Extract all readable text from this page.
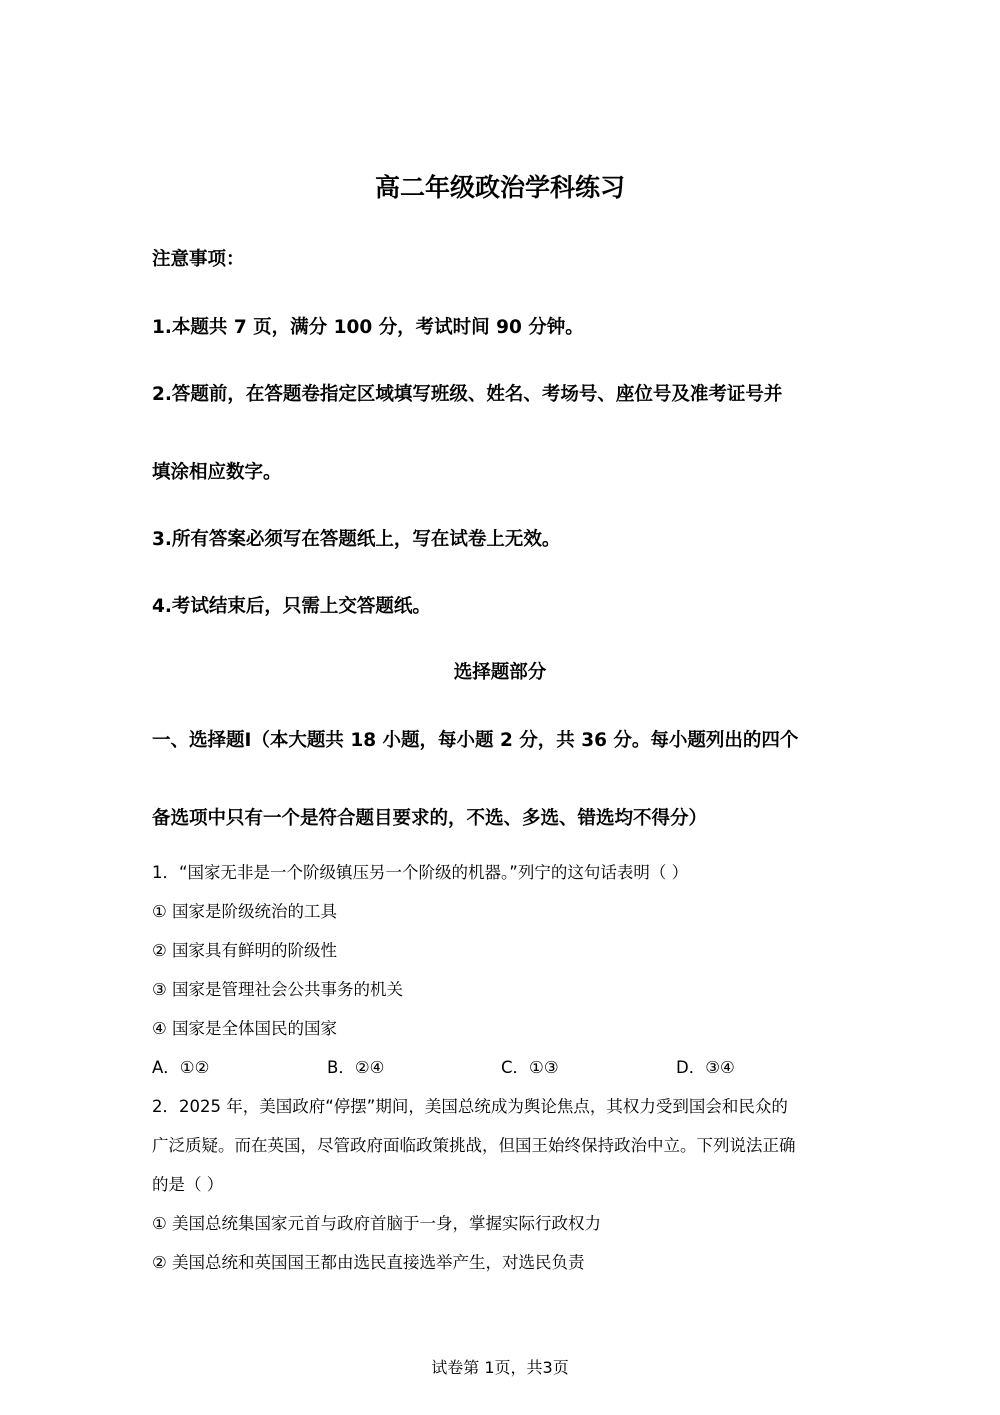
高二年级政治学科练习
注意事项：
1.本题共 7 页，满分 100 分，考试时间 90 分钟。
2.答题前，在答题卷指定区域填写班级、姓名、考场号、座位号及准考证号并
填涂相应数字。
3.所有答案必须写在答题纸上，写在试卷上无效。
4.考试结束后，只需上交答题纸。
选择题部分
一、选择题Ⅰ（本大题共 18 小题，每小题 2 分，共 36 分。每小题列出的四个
备选项中只有一个是符合题目要求的，不选、多选、错选均不得分）
1．“国家无非是一个阶级镇压另一个阶级的机器。”列宁的这句话表明（ ）
① 国家是阶级统治的工具
② 国家具有鲜明的阶级性
③ 国家是管理社会公共事务的机关
④ 国家是全体国民的国家
A．①②	B．②④	C．①③	D．③④
2．2025 年，美国政府“停摆”期间，美国总统成为舆论焦点，其权力受到国会和民众的
广泛质疑。而在英国，尽管政府面临政策挑战，但国王始终保持政治中立。下列说法正确
的是（ ）
① 美国总统集国家元首与政府首脑于一身，掌握实际行政权力
② 美国总统和英国国王都由选民直接选举产生，对选民负责
试卷第 1页，共3页
